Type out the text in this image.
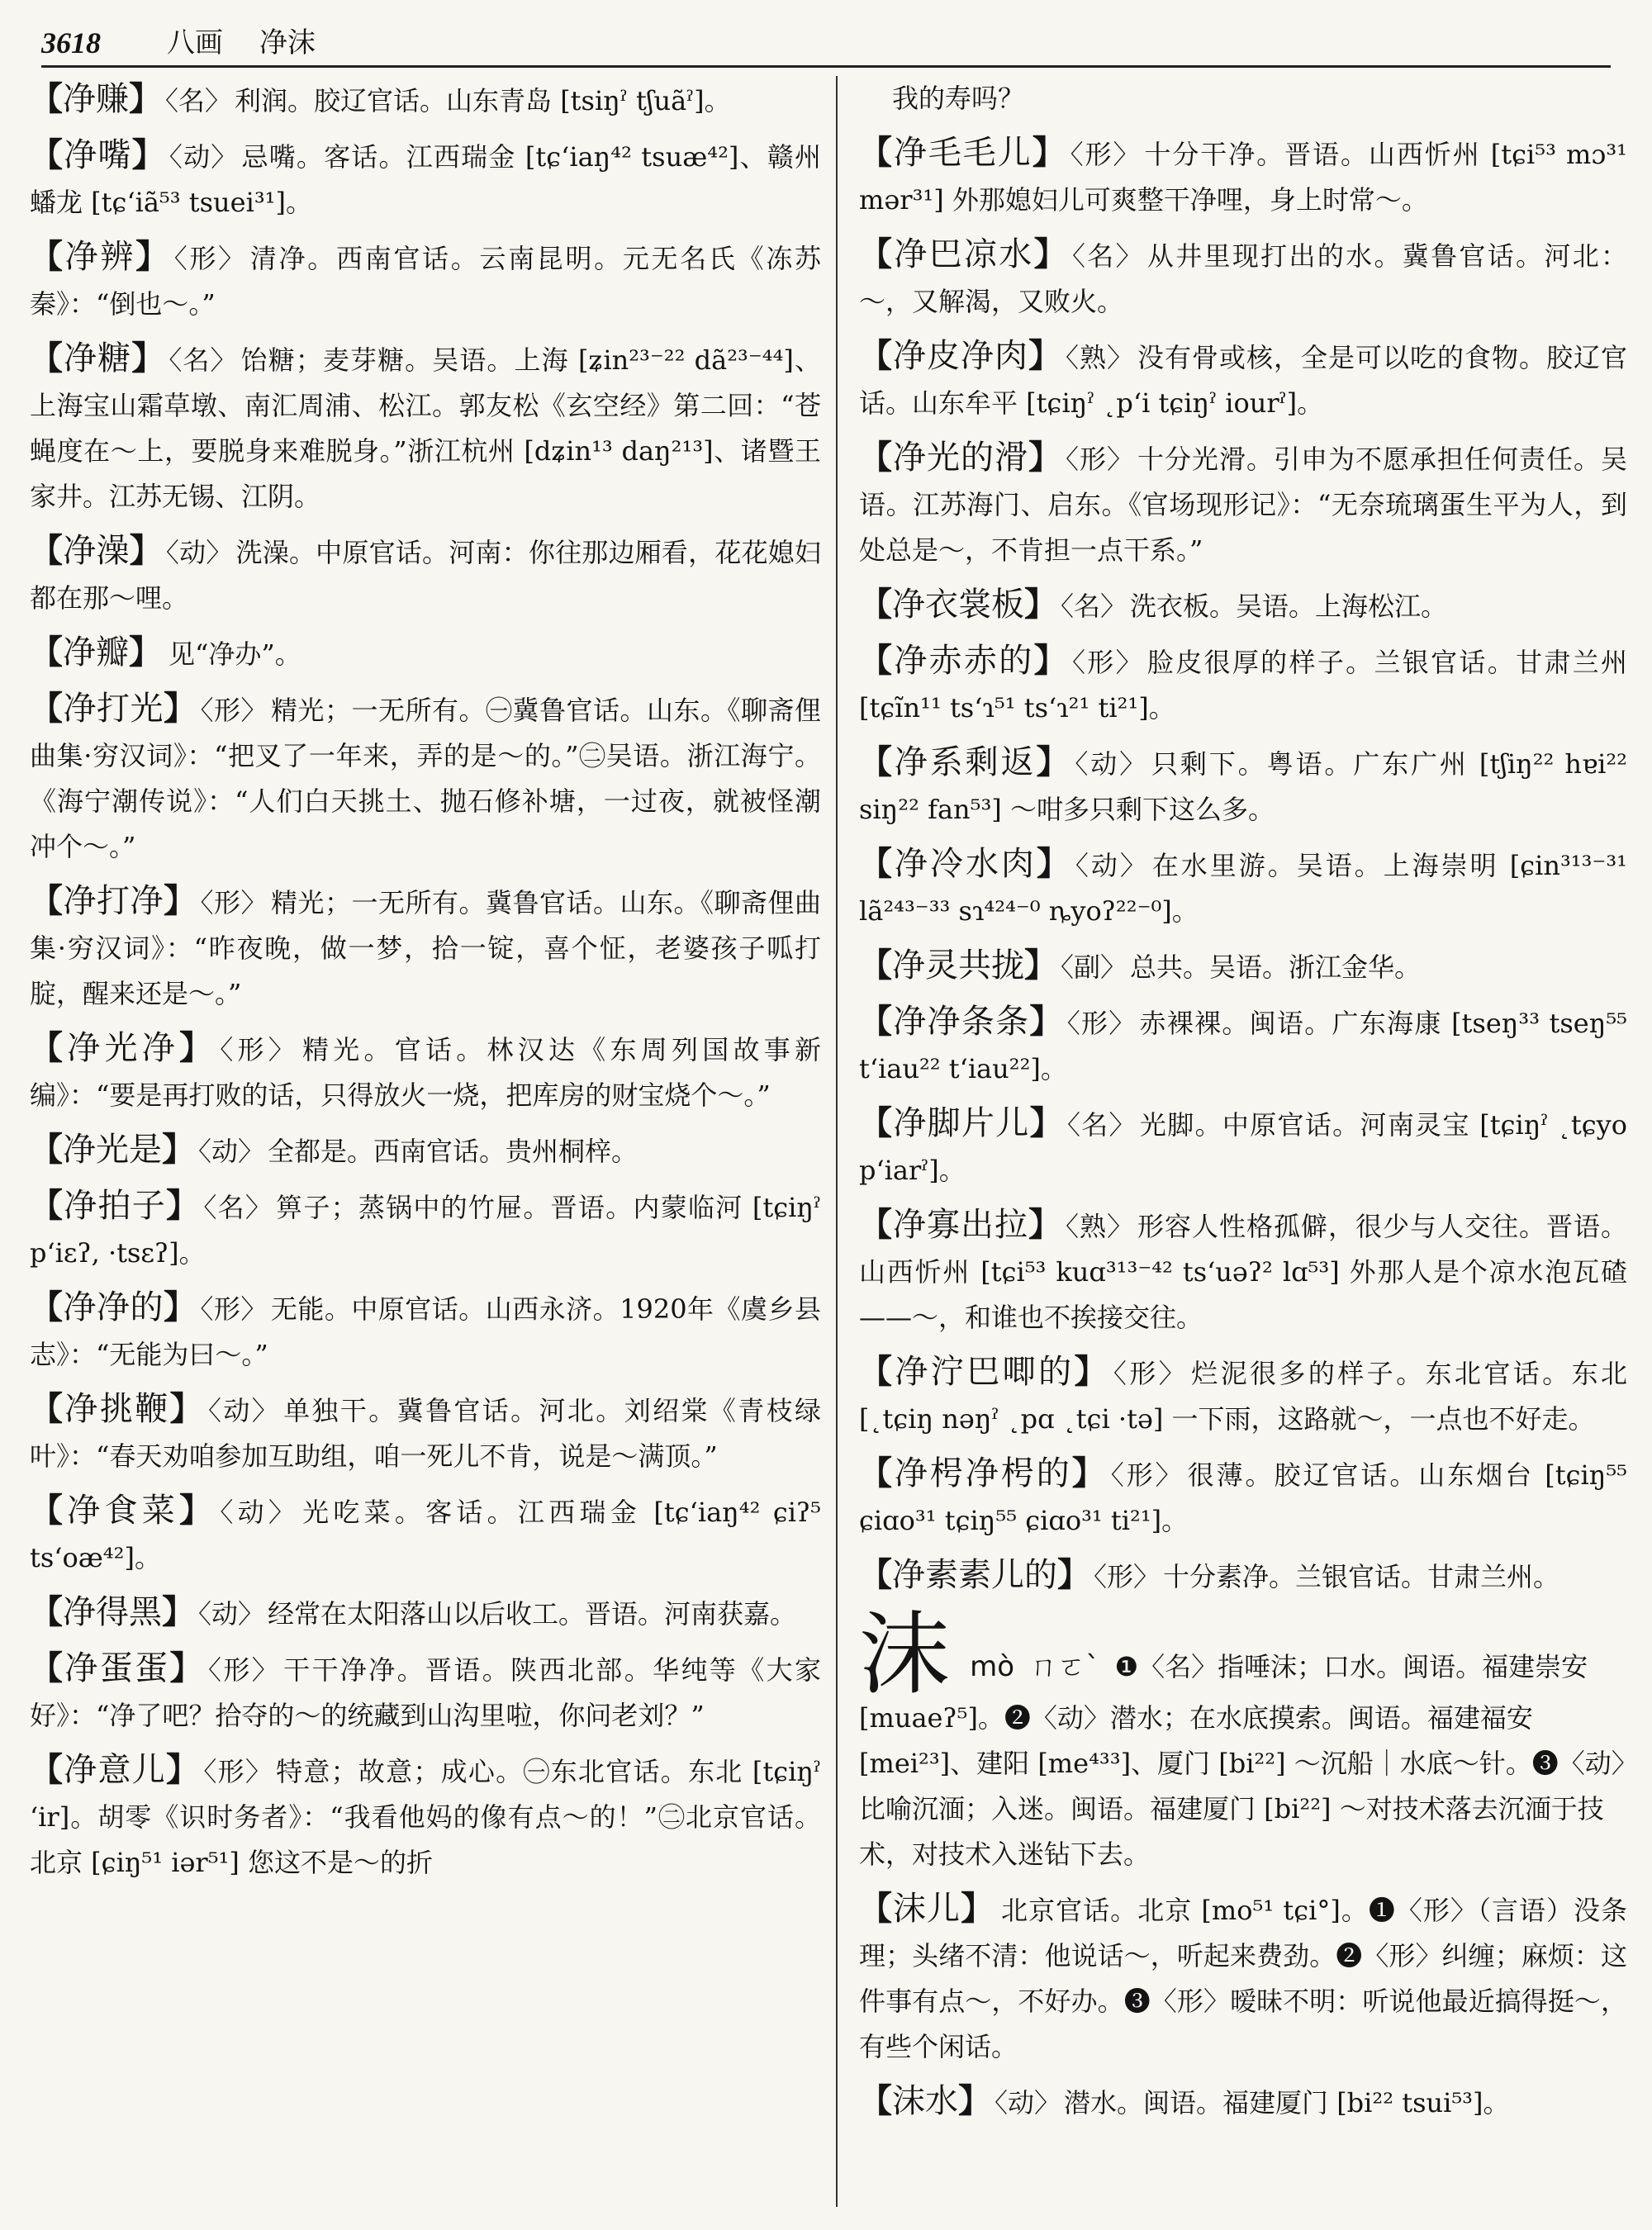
3618 八画 净沫
【净赚】 〈名〉 利润。胶辽官话。山东青岛 [tsiŋˀ tʃuãˀ]。
【净嘴】 〈动〉 忌嘴。客话。江西瑞金 [tɕʻiaŋ⁴² tsuæ⁴²]、赣州蟠龙 [tɕʻiã⁵³ tsuei³¹]。
【净辨】 〈形〉 清净。西南官话。云南昆明。元无名氏《冻苏秦》：“倒也～。”
【净糖】 〈名〉 饴糖；麦芽糖。吴语。上海 [ʑin²³⁻²² dã²³⁻⁴⁴]、上海宝山霜草墩、南汇周浦、松江。郭友松《玄空经》第二回：“苍蝇度在～上，要脱身来难脱身。”浙江杭州 [dʑin¹³ daŋ²¹³]、诸暨王家井。江苏无锡、江阴。
【净澡】 〈动〉 洗澡。中原官话。河南：你往那边厢看，花花媳妇都在那～哩。
【净瓣】 见“净办”。
【净打光】 〈形〉 精光；一无所有。㊀冀鲁官话。山东。《聊斋俚曲集·穷汉词》：“把叉了一年来，弄的是～的。”㊁吴语。浙江海宁。《海宁潮传说》：“人们白天挑土、抛石修补塘，一过夜，就被怪潮冲个～。”
【净打净】 〈形〉 精光；一无所有。冀鲁官话。山东。《聊斋俚曲集·穷汉词》：“昨夜晚，做一梦，拾一锭，喜个怔，老婆孩子呱打腚，醒来还是～。”
【净光净】 〈形〉 精光。官话。林汉达《东周列国故事新编》：“要是再打败的话，只得放火一烧，把库房的财宝烧个～。”
【净光是】 〈动〉 全都是。西南官话。贵州桐梓。
【净拍子】 〈名〉 箅子；蒸锅中的竹屉。晋语。内蒙临河 [tɕiŋˀ pʻiɛʔ, ·tsɛʔ]。
【净净的】 〈形〉 无能。中原官话。山西永济。1920年《虞乡县志》：“无能为曰～。”
【净挑鞭】 〈动〉 单独干。冀鲁官话。河北。刘绍棠《青枝绿叶》：“春天劝咱参加互助组，咱一死儿不肯，说是～满顶。”
【净食菜】 〈动〉 光吃菜。客话。江西瑞金 [tɕʻiaŋ⁴² ɕiʔ⁵ tsʻoæ⁴²]。
【净得黑】 〈动〉 经常在太阳落山以后收工。晋语。河南获嘉。
【净蛋蛋】 〈形〉 干干净净。晋语。陕西北部。华纯等《大家好》：“净了吧？拾夺的～的统藏到山沟里啦，你问老刘？”
【净意儿】 〈形〉 特意；故意；成心。㊀东北官话。东北 [tɕiŋˀ ʻir]。胡零《识时务者》：“我看他妈的像有点～的！”㊁北京官话。北京 [ɕiŋ⁵¹ iər⁵¹] 您这不是～的折
我的寿吗？
【净毛毛儿】 〈形〉 十分干净。晋语。山西忻州 [tɕi⁵³ mɔ³¹ mər³¹] 外那媳妇儿可爽整干净哩，身上时常～。
【净巴凉水】 〈名〉 从井里现打出的水。冀鲁官话。河北：～，又解渴，又败火。
【净皮净肉】 〈熟〉 没有骨或核，全是可以吃的食物。胶辽官话。山东牟平 [tɕiŋˀ ˛pʻi tɕiŋˀ iourˀ]。
【净光的滑】 〈形〉 十分光滑。引申为不愿承担任何责任。吴语。江苏海门、启东。《官场现形记》：“无奈琉璃蛋生平为人，到处总是～，不肯担一点干系。”
【净衣裳板】 〈名〉 洗衣板。吴语。上海松江。
【净赤赤的】 〈形〉 脸皮很厚的样子。兰银官话。甘肃兰州 [tɕĩn¹¹ tsʻɿ⁵¹ tsʻɿ²¹ ti²¹]。
【净系剩返】 〈动〉 只剩下。粤语。广东广州 [tʃiŋ²² hɐi²² siŋ²² fan⁵³] ～咁多只剩下这么多。
【净冷水肉】 〈动〉 在水里游。吴语。上海崇明 [ɕin³¹³⁻³¹ lã²⁴³⁻³³ sɿ⁴²⁴⁻⁰ ȵyoʔ²²⁻⁰]。
【净灵共拢】 〈副〉 总共。吴语。浙江金华。
【净净条条】 〈形〉 赤裸裸。闽语。广东海康 [tseŋ³³ tseŋ⁵⁵ tʻiau²² tʻiau²²]。
【净脚片儿】 〈名〉 光脚。中原官话。河南灵宝 [tɕiŋˀ ˛tɕyo pʻiarˀ]。
【净寡出拉】 〈熟〉 形容人性格孤僻，很少与人交往。晋语。山西忻州 [tɕi⁵³ kuɑ³¹³⁻⁴² tsʻuəʔ² lɑ⁵³] 外那人是个凉水泡瓦碴——～，和谁也不挨接交往。
【净泞巴唧的】 〈形〉 烂泥很多的样子。东北官话。东北 [˛tɕiŋ nəŋˀ ˛pɑ ˛tɕi ·tə] 一下雨，这路就～，一点也不好走。
【净枵净枵的】 〈形〉 很薄。胶辽官话。山东烟台 [tɕiŋ⁵⁵ ɕiɑo³¹ tɕiŋ⁵⁵ ɕiɑo³¹ ti²¹]。
【净素素儿的】 〈形〉 十分素净。兰银官话。甘肃兰州。
沫 mò ㄇㄛˋ ❶〈名〉指唾沫；口水。闽语。福建崇安 [muaeʔ⁵]。❷〈动〉潜水；在水底摸索。闽语。福建福安 [mei²³]、建阳 [me⁴³³]、厦门 [bi²²] ～沉船｜水底～针。❸〈动〉比喻沉湎；入迷。闽语。福建厦门 [bi²²] ～对技术落去沉湎于技术，对技术入迷钻下去。
【沫儿】 北京官话。北京 [mo⁵¹ tɕi°]。❶〈形〉（言语）没条理；头绪不清：他说话～，听起来费劲。❷〈形〉纠缠；麻烦：这件事有点～，不好办。❸〈形〉暧昧不明：听说他最近搞得挺～，有些个闲话。
【沫水】 〈动〉 潜水。闽语。福建厦门 [bi²² tsui⁵³]。
